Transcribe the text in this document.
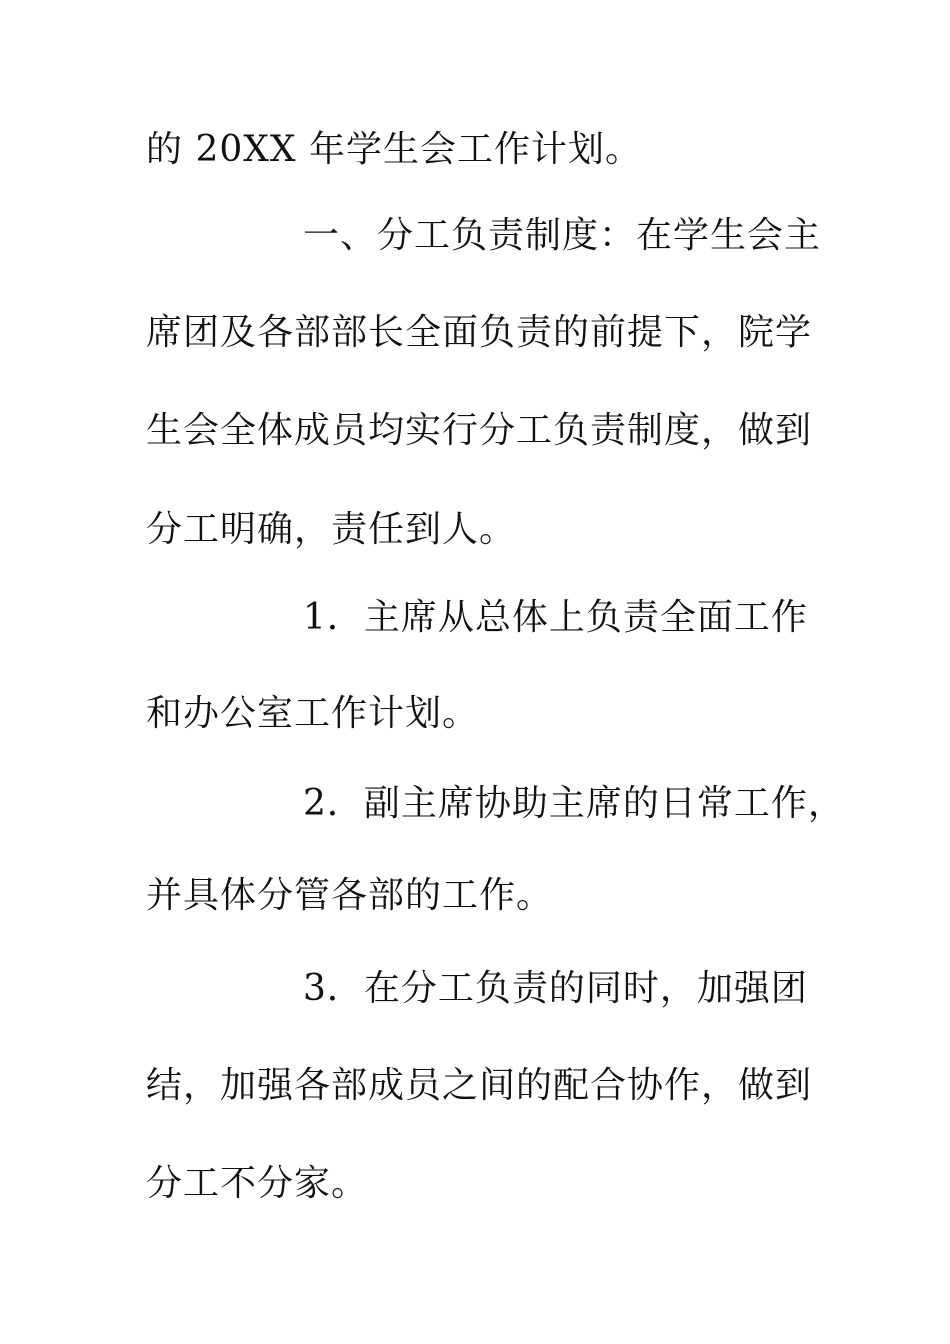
的 20XX 年学生会工作计划。
一、分工负责制度：在学生会主
席团及各部部长全面负责的前提下，院学
生会全体成员均实行分工负责制度，做到
分工明确，责任到人。
1．主席从总体上负责全面工作
和办公室工作计划。
2．副主席协助主席的日常工作，
并具体分管各部的工作。
3．在分工负责的同时，加强团
结，加强各部成员之间的配合协作，做到
分工不分家。
